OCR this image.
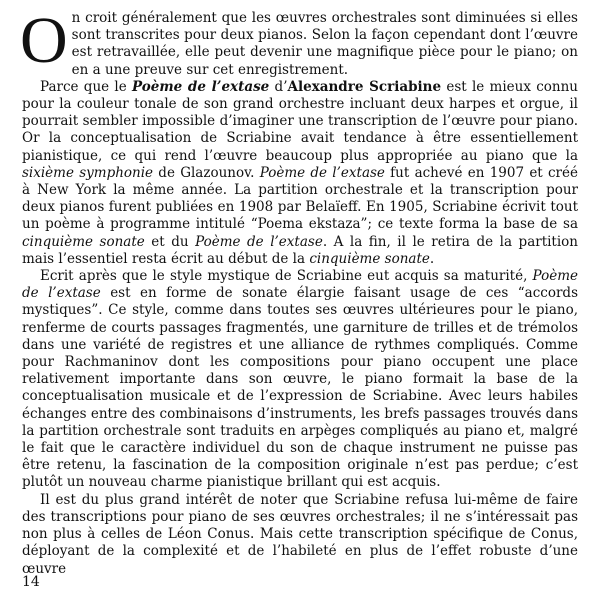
On croit généralement que les œuvres orchestrales sont diminuées si elles sont transcrites pour deux pianos. Selon la façon cependant dont l’œuvre est retravaillée, elle peut devenir une magnifique pièce pour le piano; on en a une preuve sur cet enregistrement.

Parce que le Poème de l’extase d’Alexandre Scriabine est le mieux connu pour la couleur tonale de son grand orchestre incluant deux harpes et orgue, il pourrait sembler impossible d’imaginer une transcription de l’œuvre pour piano. Or la conceptualisation de Scriabine avait tendance à être essentiellement pianistique, ce qui rend l’œuvre beaucoup plus appropriée au piano que la sixième symphonie de Glazounov. Poème de l’extase fut achevé en 1907 et créé à New York la même année. La partition orchestrale et la transcription pour deux pianos furent publiées en 1908 par Belaïeff. En 1905, Scriabine écrivit tout un poème à programme intitulé “Poema ekstaza”; ce texte forma la base de sa cinquième sonate et du Poème de l’extase. A la fin, il le retira de la partition mais l’essentiel resta écrit au début de la cinquième sonate.

Ecrit après que le style mystique de Scriabine eut acquis sa maturité, Poème de l’extase est en forme de sonate élargie faisant usage de ces “accords mystiques”. Ce style, comme dans toutes ses œuvres ultérieures pour le piano, renferme de courts passages fragmentés, une garniture de trilles et de trémolos dans une variété de registres et une alliance de rythmes compliqués. Comme pour Rachmaninov dont les compositions pour piano occupent une place relativement importante dans son œuvre, le piano formait la base de la conceptualisation musicale et de l’expression de Scriabine. Avec leurs habiles échanges entre des combinaisons d’instruments, les brefs passages trouvés dans la partition orchestrale sont traduits en arpèges compliqués au piano et, malgré le fait que le caractère individuel du son de chaque instrument ne puisse pas être retenu, la fascination de la composition originale n’est pas perdue; c’est plutôt un nouveau charme pianistique brillant qui est acquis.

Il est du plus grand intérêt de noter que Scriabine refusa lui-même de faire des transcriptions pour piano de ses œuvres orchestrales; il ne s’intéressait pas non plus à celles de Léon Conus. Mais cette transcription spécifique de Conus, déployant de la complexité et de l’habileté en plus de l’effet robuste d’une œuvre

14
